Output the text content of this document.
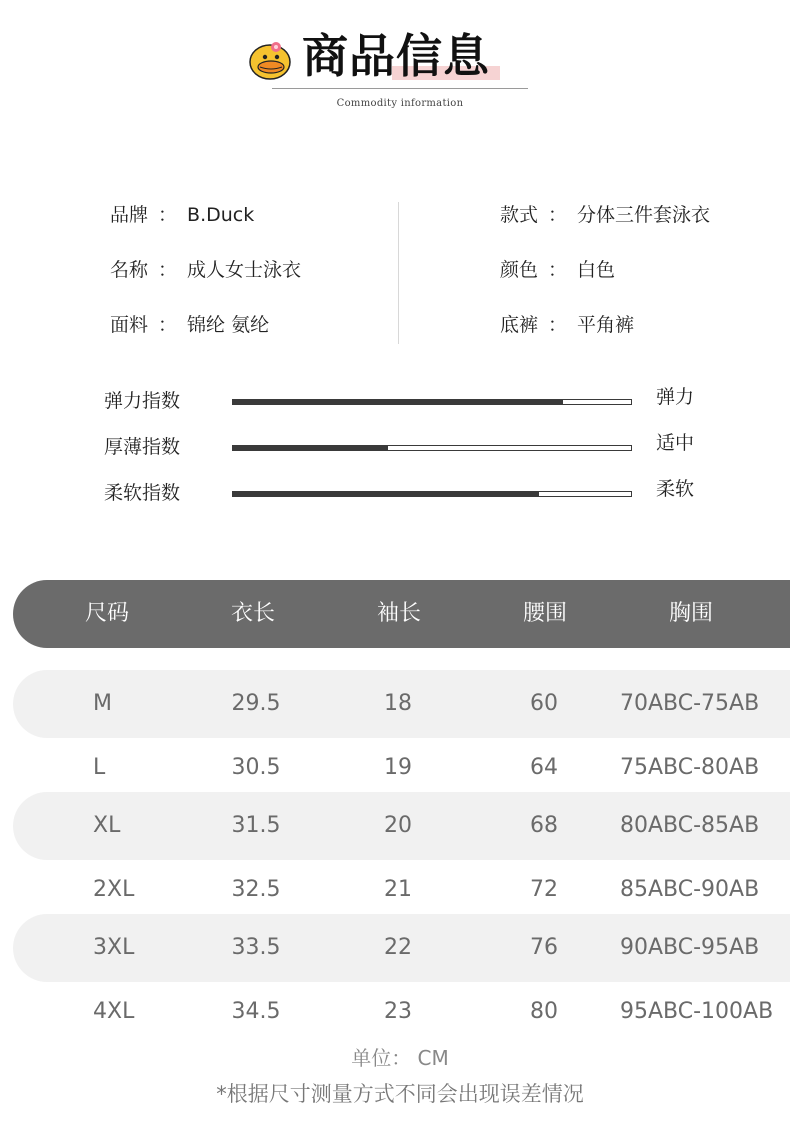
商品信息
Commodity information
品牌 ： B.Duck
名称 ： 成人女士泳衣
面料 ： 锦纶 氨纶
款式 ： 分体三件套泳衣
颜色 ： 白色
底裤 ： 平角裤
弹力指数	弹力
厚薄指数	适中
柔软指数	柔软
尺码	衣长	袖长	腰围	胸围
M	29.5	18	60	70ABC-75AB
L	30.5	19	64	75ABC-80AB
XL	31.5	20	68	80ABC-85AB
2XL	32.5	21	72	85ABC-90AB
3XL	33.5	22	76	90ABC-95AB
4XL	34.5	23	80	95ABC-100AB
单位： CM
*根据尺寸测量方式不同会出现误差情况
